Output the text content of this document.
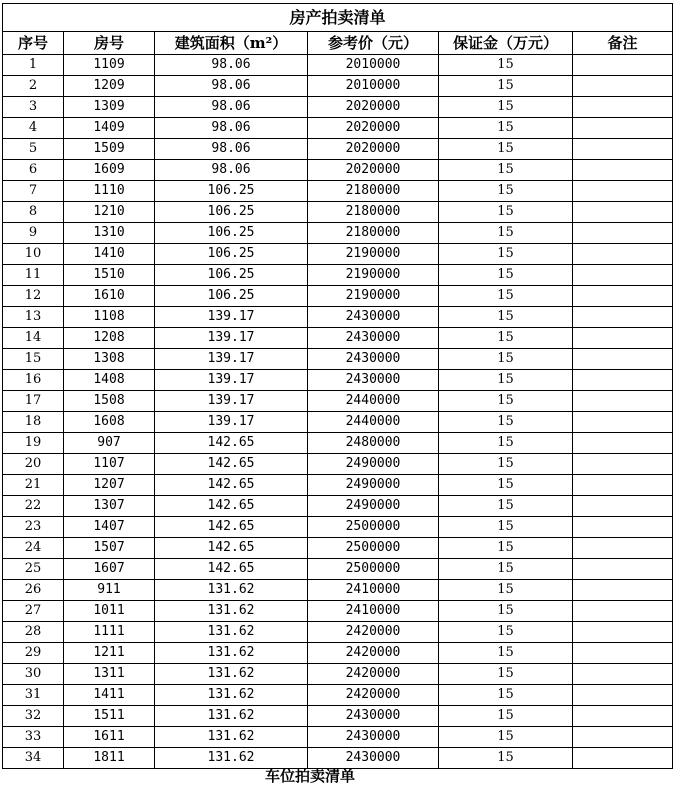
房产拍卖清单					
序号	房号	建筑面积（m²）	参考价（元）	保证金（万元）	备注
1	1109	98.06	2010000	15	
2	1209	98.06	2010000	15	
3	1309	98.06	2020000	15	
4	1409	98.06	2020000	15	
5	1509	98.06	2020000	15	
6	1609	98.06	2020000	15	
7	1110	106.25	2180000	15	
8	1210	106.25	2180000	15	
9	1310	106.25	2180000	15	
10	1410	106.25	2190000	15	
11	1510	106.25	2190000	15	
12	1610	106.25	2190000	15	
13	1108	139.17	2430000	15	
14	1208	139.17	2430000	15	
15	1308	139.17	2430000	15	
16	1408	139.17	2430000	15	
17	1508	139.17	2440000	15	
18	1608	139.17	2440000	15	
19	907	142.65	2480000	15	
20	1107	142.65	2490000	15	
21	1207	142.65	2490000	15	
22	1307	142.65	2490000	15	
23	1407	142.65	2500000	15	
24	1507	142.65	2500000	15	
25	1607	142.65	2500000	15	
26	911	131.62	2410000	15	
27	1011	131.62	2410000	15	
28	1111	131.62	2420000	15	
29	1211	131.62	2420000	15	
30	1311	131.62	2420000	15	
31	1411	131.62	2420000	15	
32	1511	131.62	2430000	15	
33	1611	131.62	2430000	15	
34	1811	131.62	2430000	15	
车位拍卖清单
